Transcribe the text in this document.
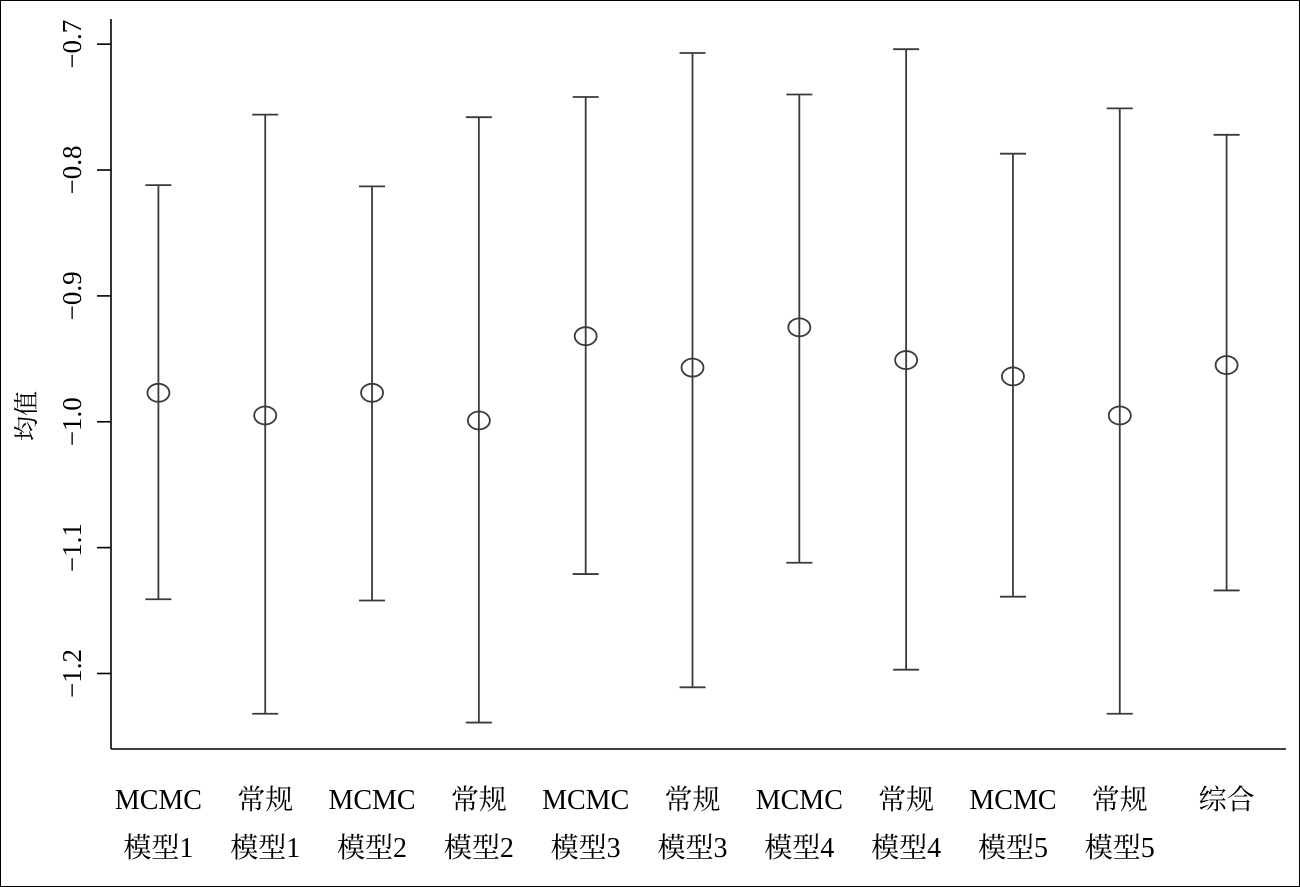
−0.7
−0.8
−0.9
−1.0
−1.1
−1.2
MCMC
模型1
常规
模型1
MCMC
模型2
常规
模型2
MCMC
模型3
常规
模型3
MCMC
模型4
常规
模型4
MCMC
模型5
常规
模型5
综合
均值
